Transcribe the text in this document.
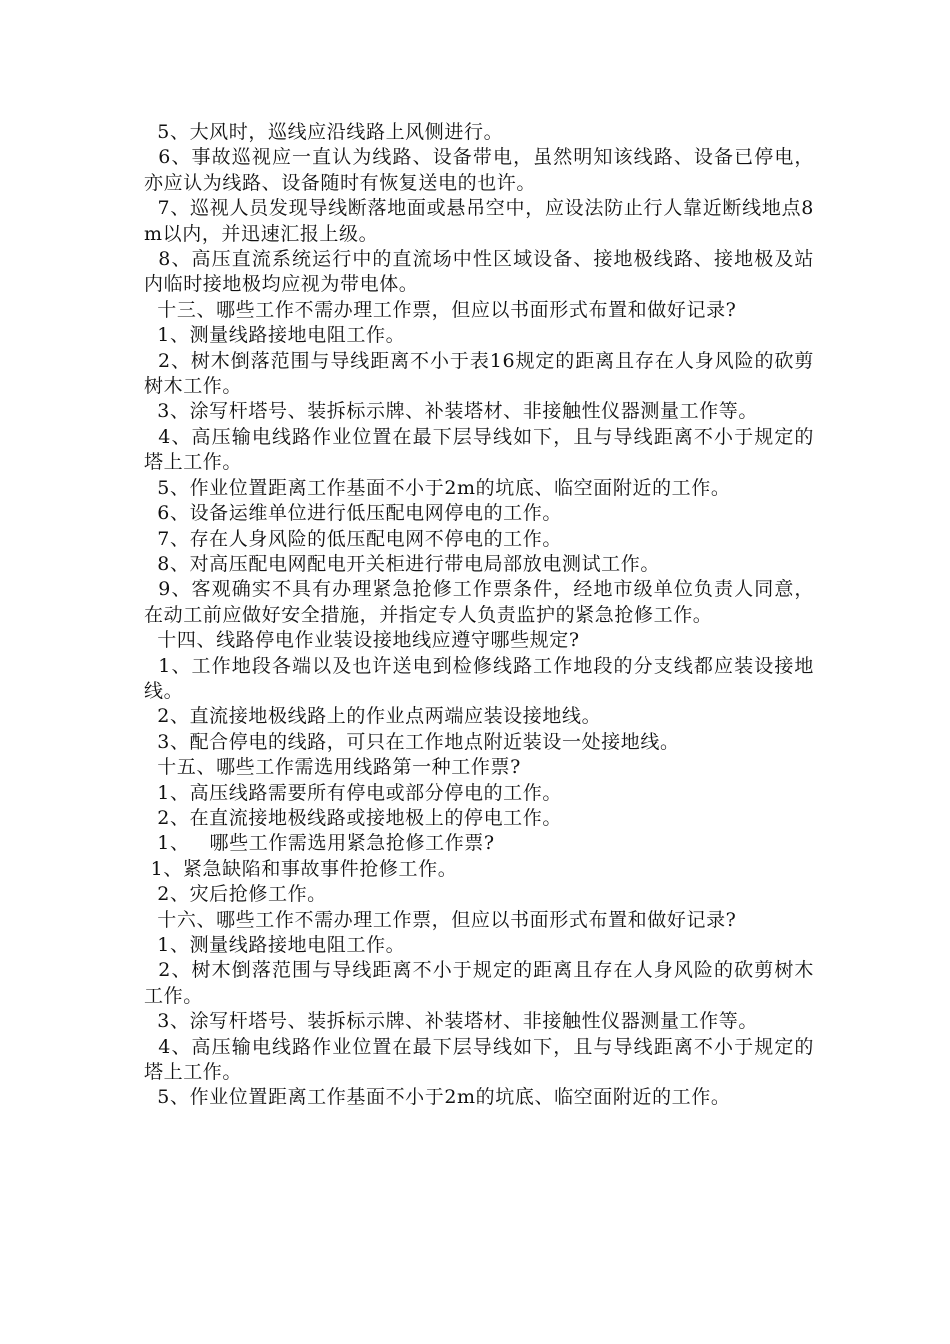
5、大风时，巡线应沿线路上风侧进行。

6、事故巡视应一直认为线路、设备带电，虽然明知该线路、设备已停电，亦应认为线路、设备随时有恢复送电的也许。

7、巡视人员发现导线断落地面或悬吊空中，应设法防止行人靠近断线地点8m以内，并迅速汇报上级。

8、高压直流系统运行中的直流场中性区域设备、接地极线路、接地极及站内临时接地极均应视为带电体。

十三、哪些工作不需办理工作票，但应以书面形式布置和做好记录?

1、测量线路接地电阻工作。

2、树木倒落范围与导线距离不小于表16规定的距离且存在人身风险的砍剪树木工作。

3、涂写杆塔号、装拆标示牌、补装塔材、非接触性仪器测量工作等。

4、高压输电线路作业位置在最下层导线如下，且与导线距离不小于规定的塔上工作。

5、作业位置距离工作基面不小于2m的坑底、临空面附近的工作。

6、设备运维单位进行低压配电网停电的工作。

7、存在人身风险的低压配电网不停电的工作。

8、对高压配电网配电开关柜进行带电局部放电测试工作。

9、客观确实不具有办理紧急抢修工作票条件，经地市级单位负责人同意，在动工前应做好安全措施，并指定专人负责监护的紧急抢修工作。

十四、线路停电作业装设接地线应遵守哪些规定?

1、工作地段各端以及也许送电到检修线路工作地段的分支线都应装设接地线。

2、直流接地极线路上的作业点两端应装设接地线。

3、配合停电的线路，可只在工作地点附近装设一处接地线。

十五、哪些工作需选用线路第一种工作票?

1、高压线路需要所有停电或部分停电的工作。

2、在直流接地极线路或接地极上的停电工作。

1、   哪些工作需选用紧急抢修工作票?

1、紧急缺陷和事故事件抢修工作。

2、灾后抢修工作。

十六、哪些工作不需办理工作票，但应以书面形式布置和做好记录?

1、测量线路接地电阻工作。

2、树木倒落范围与导线距离不小于规定的距离且存在人身风险的砍剪树木工作。

3、涂写杆塔号、装拆标示牌、补装塔材、非接触性仪器测量工作等。

4、高压输电线路作业位置在最下层导线如下，且与导线距离不小于规定的塔上工作。

5、作业位置距离工作基面不小于2m的坑底、临空面附近的工作。
